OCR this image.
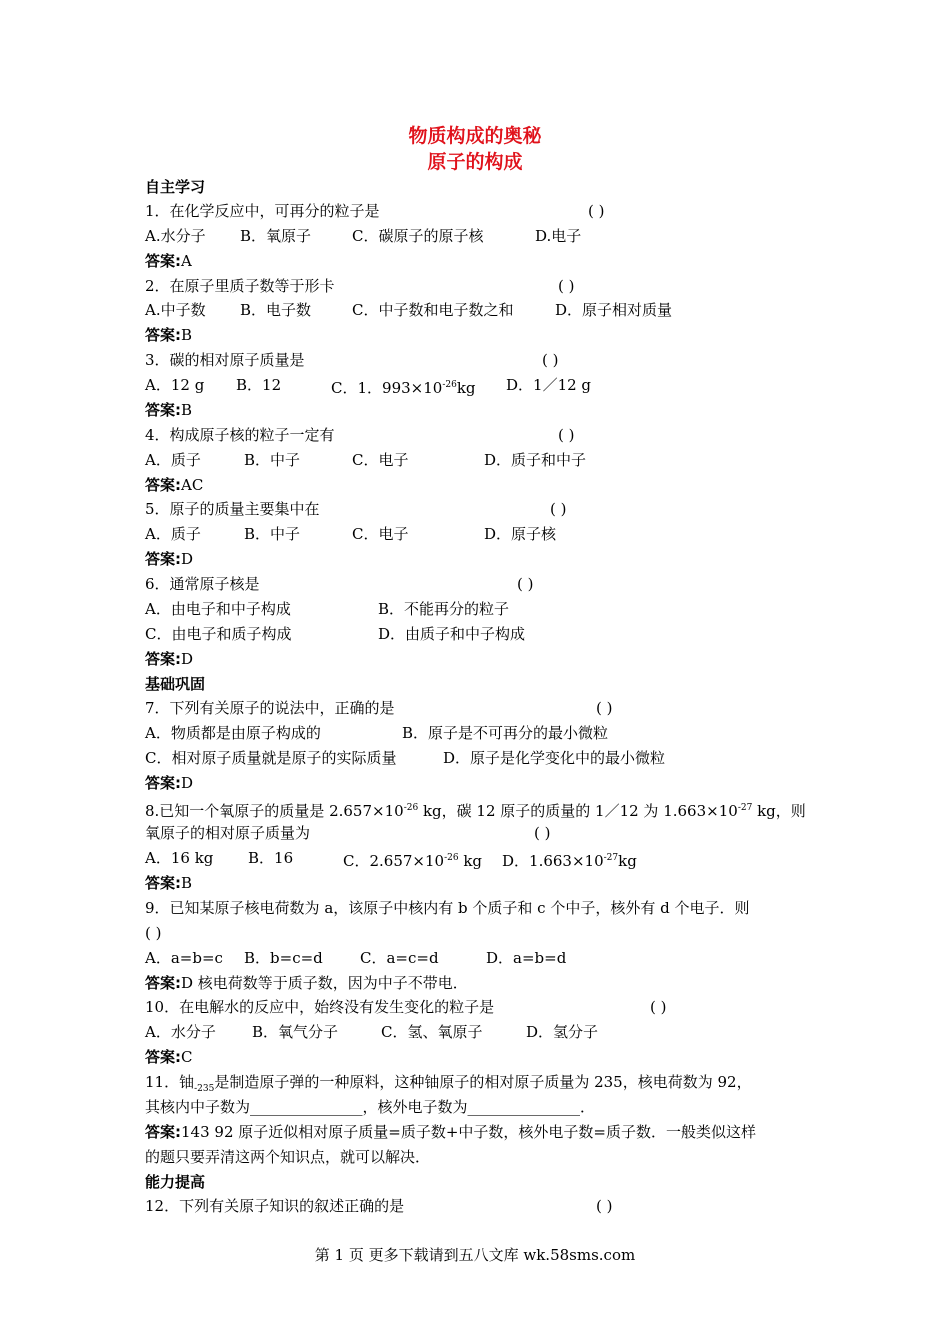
物质构成的奥秘
原子的构成
自主学习
1．在化学反应中，可再分的粒子是	( )
A.水分子 B．氧原子	C．碳原子的原子核	D.电子
答案:A
2．在原子里质子数等于形卡	( )
A.中子数 B．电子数	C．中子数和电子数之和	D．原子相对质量
答案:B
3．碳的相对原子质量是	( )
A．12 g B．12	C．1．$993\times 10^{-26}kg$ D．1／12 g
答案:B
4．构成原子核的粒子一定有	( )
A．质子	B．中子	C．电子	D．质子和中子
答案:AC
5．原子的质量主要集中在	( )
A．质子	B．中子	C．电子	D．原子核
答案:D
6．通常原子核是	( )
A．由电子和中子构成	B．不能再分的粒子
C．由电子和质子构成	D．由质子和中子构成
答案:D
基础巩固
7．下列有关原子的说法中，正确的是	( )
A．物质都是由原子构成的	B．原子是不可再分的最小微粒
C．相对原子质量就是原子的实际质量	D．原子是化学变化中的最小微粒
答案:D
8.已知一个氧原子的质量是 $2.657\times 10^{-26}$ kg，碳 12 原子的质量的 1／12 为 $1.663\times 10^{-27}$ kg，则
氧原子的相对原子质量为	( )
A．16 kg B．16	C．$2.657\times 10^{-26}$ kg D．$1.663\times 10^{-27}kg$
答案:B
9．已知某原子核电荷数为 a，该原子中核内有 b 个质子和 c 个中子，核外有 d 个电子．则
( )
A．a=b=c B．b=c=d C．a=c=d	D．a=b=d
答案:D 核电荷数等于质子数，因为中子不带电．
10．在电解水的反应中，始终没有发生变化的粒子是	( )
A．水分子 B．氧气分子	C．氢、氧原子	D．氢分子
答案:C
11．铀$_{-235}$是制造原子弹的一种原料，这种铀原子的相对原子质量为 235，核电荷数为 92，
其核内中子数为_______________，核外电子数为_______________．
答案:143 92 原子近似相对原子质量=质子数+中子数，核外电子数=质子数．一般类似这样
的题只要弄清这两个知识点，就可以解决．
能力提高
12．下列有关原子知识的叙述正确的是	( )
第 1 页 更多下载请到五八文库 wk.58sms.com
